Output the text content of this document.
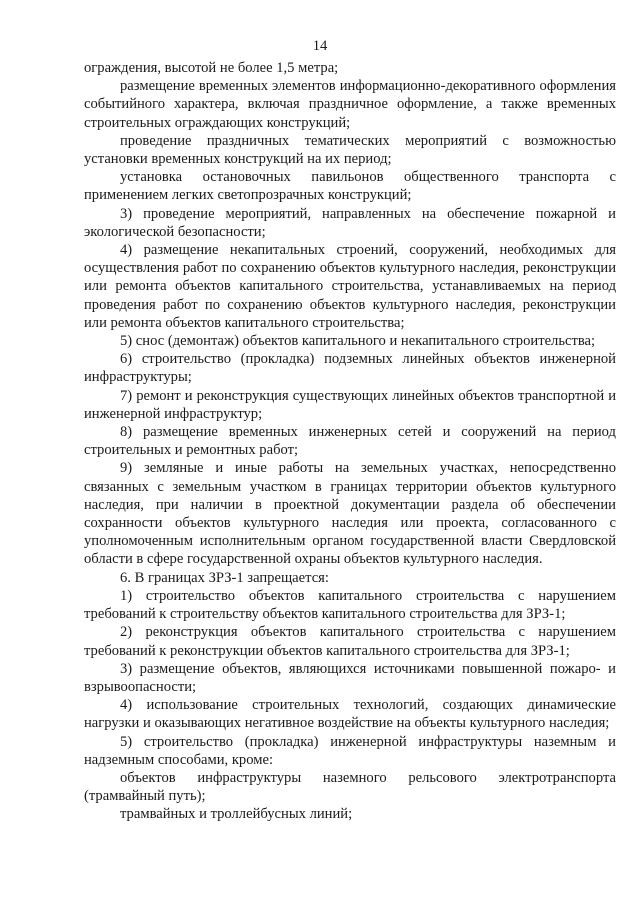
14

ограждения, высотой не более 1,5 метра;

размещение временных элементов информационно-декоративного оформления событийного характера, включая праздничное оформление, а также временных строительных ограждающих конструкций;

проведение праздничных тематических мероприятий с возможностью установки временных конструкций на их период;

установка остановочных павильонов общественного транспорта с применением легких светопрозрачных конструкций;

3) проведение мероприятий, направленных на обеспечение пожарной и экологической безопасности;

4) размещение некапитальных строений, сооружений, необходимых для осуществления работ по сохранению объектов культурного наследия, реконструкции или ремонта объектов капитального строительства, устанавливаемых на период проведения работ по сохранению объектов культурного наследия, реконструкции или ремонта объектов капитального строительства;

5) снос (демонтаж) объектов капитального и некапитального строительства;

6) строительство (прокладка) подземных линейных объектов инженерной инфраструктуры;

7) ремонт и реконструкция существующих линейных объектов транспортной и инженерной инфраструктур;

8) размещение временных инженерных сетей и сооружений на период строительных и ремонтных работ;

9) земляные и иные работы на земельных участках, непосредственно связанных с земельным участком в границах территории объектов культурного наследия, при наличии в проектной документации раздела об обеспечении сохранности объектов культурного наследия или проекта, согласованного с уполномоченным исполнительным органом государственной власти Свердловской области в сфере государственной охраны объектов культурного наследия.

6. В границах ЗРЗ-1 запрещается:

1) строительство объектов капитального строительства с нарушением требований к строительству объектов капитального строительства для ЗРЗ-1;

2) реконструкция объектов капитального строительства с нарушением требований к реконструкции объектов капитального строительства для ЗРЗ-1;

3) размещение объектов, являющихся источниками повышенной пожаро- и взрывоопасности;

4) использование строительных технологий, создающих динамические нагрузки и оказывающих негативное воздействие на объекты культурного наследия;

5) строительство (прокладка) инженерной инфраструктуры наземным и надземным способами, кроме:

объектов инфраструктуры наземного рельсового электротранспорта (трамвайный путь);

трамвайных и троллейбусных линий;
